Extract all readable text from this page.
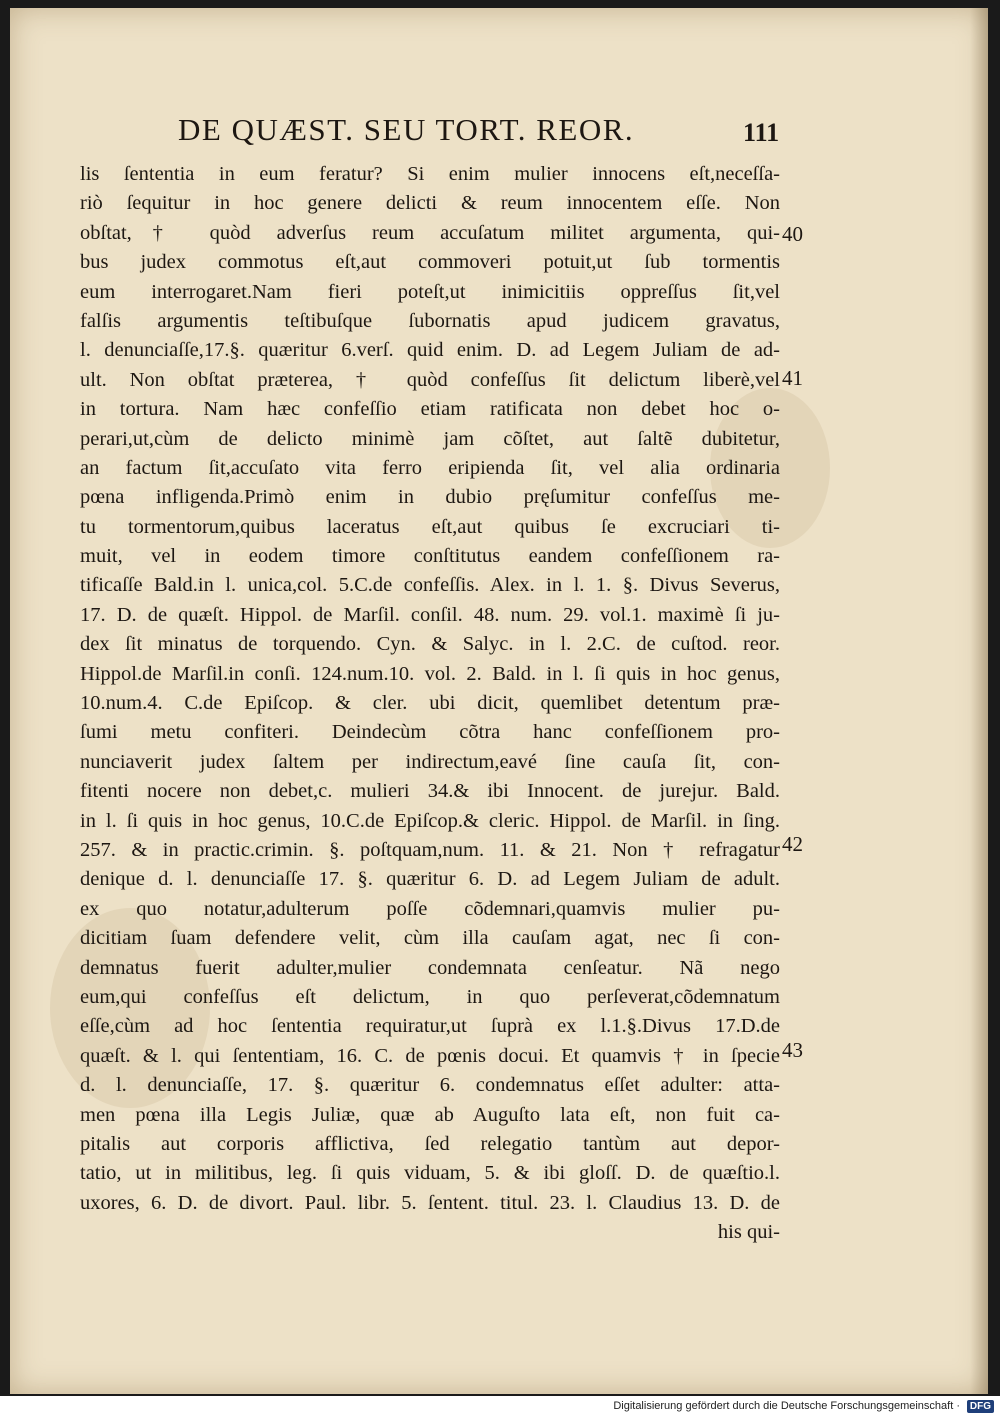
DE QUÆST. SEU TORT. REOR.	111
lis ſententia in eum feratur? Si enim mulier innocens eſt,neceſſa-
riò ſequitur in hoc genere delicti & reum innocentem eſſe. Non
obſtat,† quòd adverſus reum accuſatum militet argumenta, qui-
bus judex commotus eſt,aut commoveri potuit,ut ſub tormentis
eum interrogaret.Nam fieri poteſt,ut inimicitiis oppreſſus ſit,vel
falſis argumentis teſtibuſque ſubornatis apud judicem gravatus,
l. denunciaſſe,17.§. quæritur 6.verſ. quid enim. D. ad Legem Juliam de ad-
ult. Non obſtat præterea, † quòd confeſſus ſit delictum liberè,vel
in tortura. Nam hæc confeſſio etiam ratificata non debet hoc o-
perari,ut,cùm de delicto minimè jam cõſtet, aut ſaltẽ dubitetur,
an factum ſit,accuſato vita ferro eripienda ſit, vel alia ordinaria
pœna infligenda.Primò enim in dubio pręſumitur confeſſus me-
tu tormentorum,quibus laceratus eſt,aut quibus ſe excruciari ti-
muit, vel in eodem timore conſtitutus eandem confeſſionem ra-
tificaſſe Bald.in l. unica,col. 5.C.de confeſſis. Alex. in l. 1. §. Divus Severus,
17. D. de quæſt. Hippol. de Marſil. conſil. 48. num. 29. vol.1. maximè ſi ju-
dex ſit minatus de torquendo. Cyn. & Salyc. in l. 2.C. de cuſtod. reor.
Hippol.de Marſil.in conſi. 124.num.10. vol. 2. Bald. in l. ſi quis in hoc genus,
10.num.4. C.de Epiſcop. & cler. ubi dicit, quemlibet detentum præ-
ſumi metu confiteri. Deindecùm cõtra hanc confeſſionem pro-
nunciaverit judex ſaltem per indirectum,eavé ſine cauſa ſit, con-
fitenti nocere non debet,c. mulieri 34.& ibi Innocent. de jurejur. Bald.
in l. ſi quis in hoc genus, 10.C.de Epiſcop.& cleric. Hippol. de Marſil. in ſing.
257. & in practic.crimin. §. poſtquam,num. 11. & 21. Non † refragatur
denique d. l. denunciaſſe 17. §. quæritur 6. D. ad Legem Juliam de adult.
ex quo notatur,adulterum poſſe cõdemnari,quamvis mulier pu-
dicitiam ſuam defendere velit, cùm illa cauſam agat, nec ſi con-
demnatus fuerit adulter,mulier condemnata cenſeatur. Nã nego
eum,qui confeſſus eſt delictum, in quo perſeverat,cõdemnatum
eſſe,cùm ad hoc ſententia requiratur,ut ſuprà ex l.1.§.Divus 17.D.de
quæſt. & l. qui ſententiam, 16. C. de pœnis docui. Et quamvis † in ſpecie
d. l. denunciaſſe, 17. §. quæritur 6. condemnatus eſſet adulter: atta-
men pœna illa Legis Juliæ, quæ ab Auguſto lata eſt, non fuit ca-
pitalis aut corporis afflictiva, ſed relegatio tantùm aut depor-
tatio, ut in militibus, leg. ſi quis viduam, 5. & ibi gloſſ. D. de quæſtio.l.
uxores, 6. D. de divort. Paul. libr. 5. ſentent. titul. 23. l. Claudius 13. D. de
his qui-
40
41
42
43
Digitalisierung gefördert durch die Deutsche Forschungsgemeinschaft · DFG
